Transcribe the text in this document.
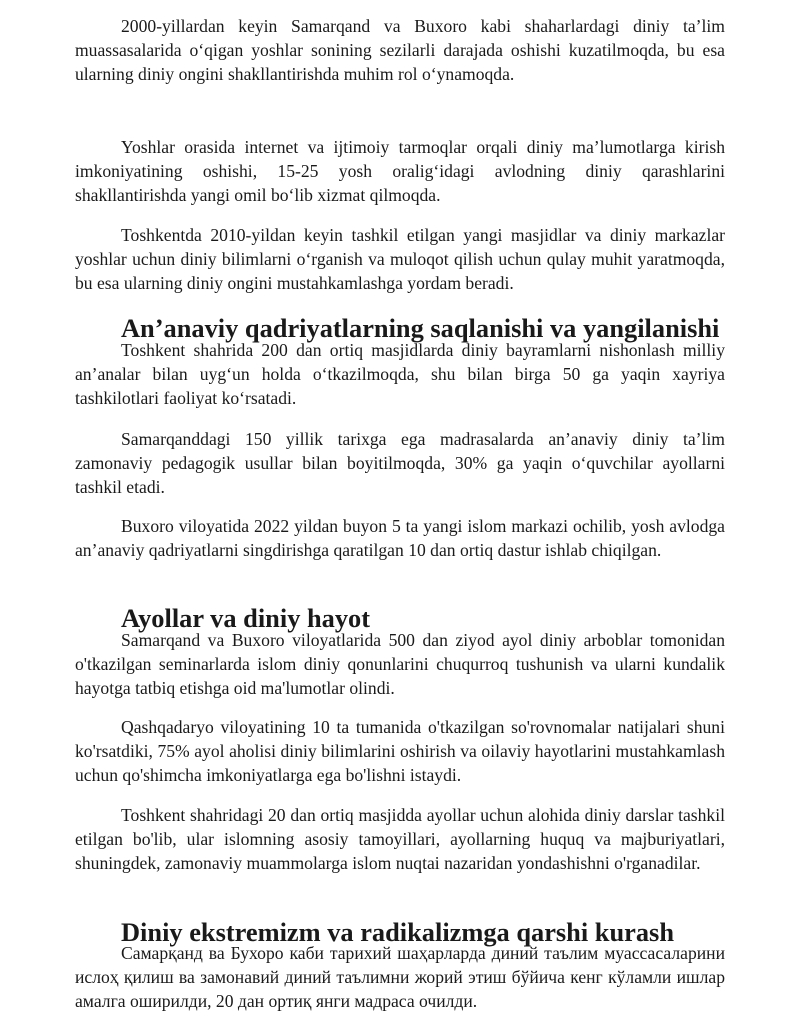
2000-yillardan keyin Samarqand va Buxoro kabi shaharlardagi diniy ta’lim muassasalarida o‘qigan yoshlar sonining sezilarli darajada oshishi kuzatilmoqda, bu esa ularning diniy ongini shakllantirishda muhim rol o‘ynamoqda.

Yoshlar orasida internet va ijtimoiy tarmoqlar orqali diniy ma’lumotlarga kirish imkoniyatining oshishi, 15-25 yosh oralig‘idagi avlodning diniy qarashlarini shakllantirishda yangi omil bo‘lib xizmat qilmoqda.

Toshkentda 2010-yildan keyin tashkil etilgan yangi masjidlar va diniy markazlar yoshlar uchun diniy bilimlarni o‘rganish va muloqot qilish uchun qulay muhit yaratmoqda, bu esa ularning diniy ongini mustahkamlashga yordam beradi.

An’anaviy qadriyatlarning saqlanishi va yangilanishi

Toshkent shahrida 200 dan ortiq masjidlarda diniy bayramlarni nishonlash milliy an’analar bilan uyg‘un holda o‘tkazilmoqda, shu bilan birga 50 ga yaqin xayriya tashkilotlari faoliyat ko‘rsatadi.

Samarqanddagi 150 yillik tarixga ega madrasalarda an’anaviy diniy ta’lim zamonaviy pedagogik usullar bilan boyitilmoqda, 30% ga yaqin o‘quvchilar ayollarni tashkil etadi.

Buxoro viloyatida 2022 yildan buyon 5 ta yangi islom markazi ochilib, yosh avlodga an’anaviy qadriyatlarni singdirishga qaratilgan 10 dan ortiq dastur ishlab chiqilgan.

Ayollar va diniy hayot

Samarqand va Buxoro viloyatlarida 500 dan ziyod ayol diniy arboblar tomonidan o'tkazilgan seminarlarda islom diniy qonunlarini chuqurroq tushunish va ularni kundalik hayotga tatbiq etishga oid ma'lumotlar olindi.

Qashqadaryo viloyatining 10 ta tumanida o'tkazilgan so'rovnomalar natijalari shuni ko'rsatdiki, 75% ayol aholisi diniy bilimlarini oshirish va oilaviy hayotlarini mustahkamlash uchun qo'shimcha imkoniyatlarga ega bo'lishni istaydi.

Toshkent shahridagi 20 dan ortiq masjidda ayollar uchun alohida diniy darslar tashkil etilgan bo'lib, ular islomning asosiy tamoyillari, ayollarning huquq va majburiyatlari, shuningdek, zamonaviy muammolarga islom nuqtai nazaridan yondashishni o'rganadilar.

Diniy ekstremizm va radikalizmga qarshi kurash

Самарқанд ва Бухоро каби тарихий шаҳарларда диний таълим муассасаларини ислоҳ қилиш ва замонавий диний таълимни жорий этиш бўйича кенг кўламли ишлар амалга оширилди, 20 дан ортиқ янги мадраса очилди.
